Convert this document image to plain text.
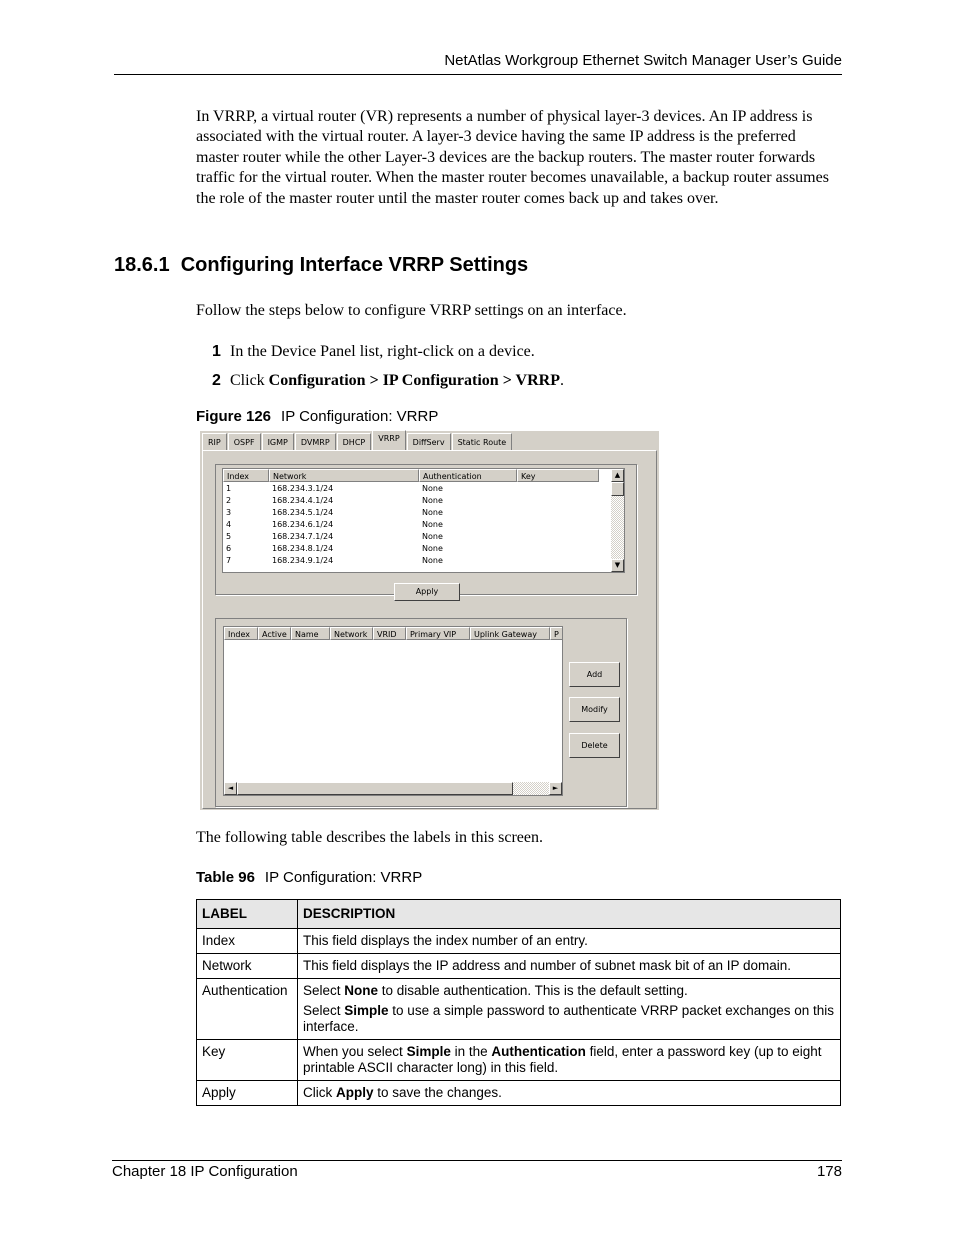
NetAtlas Workgroup Ethernet Switch Manager User’s Guide
In VRRP, a virtual router (VR) represents a number of physical layer-3 devices. An IP address is associated with the virtual router. A layer-3 device having the same IP address is the preferred master router while the other Layer-3 devices are the backup routers. The master router forwards traffic for the virtual router. When the master router becomes unavailable, a backup router assumes the role of the master router until the master router comes back up and takes over.
18.6.1 Configuring Interface VRRP Settings
Follow the steps below to configure VRRP settings on an interface.
1 In the Device Panel list, right-click on a device.
2 Click Configuration > IP Configuration > VRRP.
Figure 126 IP Configuration: VRRP
RIP	OSPF	IGMP	DVMRP	DHCP	VRRP	DiffServ	Static Route
Index	Network	Authentication	Key
1	168.234.3.1/24	None
2	168.234.4.1/24	None
3	168.234.5.1/24	None
4	168.234.6.1/24	None
5	168.234.7.1/24	None
6	168.234.8.1/24	None
7	168.234.9.1/24	None
▲
▼
Apply
Index	Active	Name	Network	VRID	Primary VIP	Uplink Gateway	P
◄	►
Add
Modify
Delete
The following table describes the labels in this screen.
Table 96 IP Configuration: VRRP
LABEL	DESCRIPTION
Index	This field displays the index number of an entry.
Network	This field displays the IP address and number of subnet mask bit of an IP domain.
Authentication	Select None to disable authentication. This is the default setting.
Select Simple to use a simple password to authenticate VRRP packet exchanges on this interface.

Key	When you select Simple in the Authentication field, enter a password key (up to eight printable ASCII character long) in this field.
Apply	Click Apply to save the changes.
Chapter 18 IP Configuration	178
